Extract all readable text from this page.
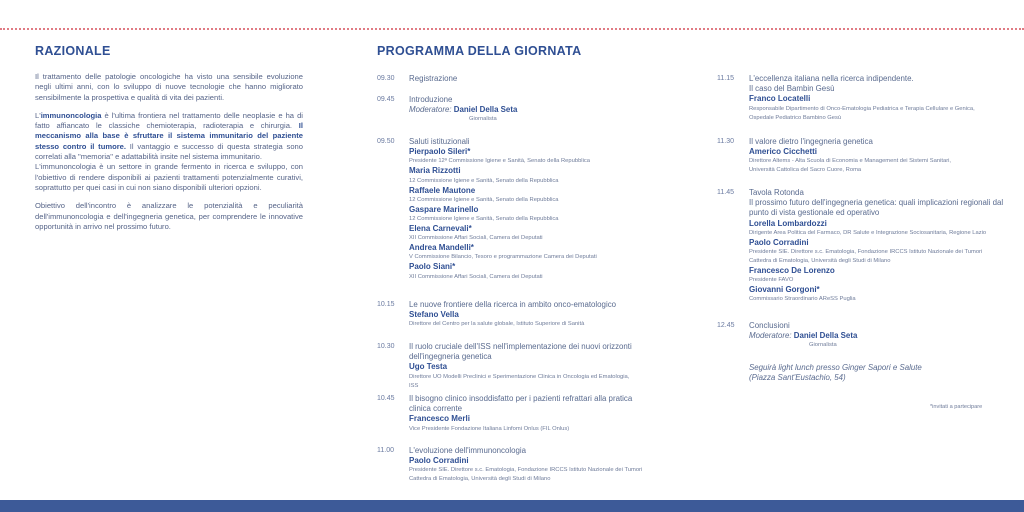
RAZIONALE	PROGRAMMA DELLA GIORNATA

Il trattamento delle patologie oncologiche ha visto una sensibile evoluzione negli ultimi anni, con lo sviluppo di nuove tecnologie che hanno migliorato sensibilmente la prospettiva e qualità di vita dei pazienti.

L'immunoncologia è l'ultima frontiera nel trattamento delle neoplasie e ha di fatto affiancato le classiche chemioterapia, radioterapia e chirurgia. Il meccanismo alla base è sfruttare il sistema immunitario del paziente stesso contro il tumore. Il vantaggio e successo di questa strategia sono correlati alla "memoria" e adattabilità insite nel sistema immunitario.

L'immunoncologia è un settore in grande fermento in ricerca e sviluppo, con l'obiettivo di rendere disponibili ai pazienti trattamenti potenzialmente curativi, soprattutto per quei casi in cui non siano disponibili ulteriori opzioni.

Obiettivo dell'incontro è analizzare le potenzialità e peculiarità dell'immunoncologia e dell'ingegneria genetica, per comprendere le innovative opportunità in arrivo nel prossimo futuro.

09.30 Registrazione
09.45 Introduzione
Moderatore: Daniel Della Seta
Giornalista
09.50 Saluti istituzionali
Pierpaolo Sileri*
Presidente 12ª Commissione Igiene e Sanità, Senato della Repubblica
Maria Rizzotti
12 Commissione Igiene e Sanità, Senato della Repubblica
Raffaele Mautone
12 Commissione Igiene e Sanità, Senato della Repubblica
Gaspare Marinello
12 Commissione Igiene e Sanità, Senato della Repubblica
Elena Carnevali*
XII Commissione Affari Sociali, Camera dei Deputati
Andrea Mandelli*
V Commissione Bilancio, Tesoro e programmazione Camera dei Deputati
Paolo Siani*
XII Commissione Affari Sociali, Camera dei Deputati
10.15 Le nuove frontiere della ricerca in ambito onco-ematologico
Stefano Vella
Direttore del Centro per la salute globale, Istituto Superiore di Sanità
10.30 Il ruolo cruciale dell'ISS nell'implementazione dei nuovi orizzonti dell'ingegneria genetica
Ugo Testa
Direttore UO Modelli Preclinici e Sperimentazione Clinica in Oncologia ed Ematologia, ISS
10.45 Il bisogno clinico insoddisfatto per i pazienti refrattari alla pratica clinica corrente
Francesco Merli
Vice Presidente Fondazione Italiana Linfomi Onlus (FIL Onlus)
11.00 L'evoluzione dell'immunoncologia
Paolo Corradini
Presidente SIE. Direttore s.c. Ematologia, Fondazione IRCCS Istituto Nazionale dei Tumori
Cattedra di Ematologia, Università degli Studi di Milano
11.15 L'eccellenza italiana nella ricerca indipendente.
Il caso del Bambin Gesù
Franco Locatelli
Responsabile Dipartimento di Onco-Ematologia Pediatrica e Terapia Cellulare e Genica,
Ospedale Pediatrico Bambino Gesù
11.30 Il valore dietro l'ingegneria genetica
Americo Cicchetti
Direttore Altems - Alta Scuola di Economia e Management dei Sistemi Sanitari,
Università Cattolica del Sacro Cuore, Roma
11.45 Tavola Rotonda
Il prossimo futuro dell'ingegneria genetica: quali implicazioni regionali dal punto di vista gestionale ed operativo
Lorella Lombardozzi
Dirigente Area Politica del Farmaco, DR Salute e Integrazione Sociosanitaria, Regione Lazio
Paolo Corradini
Presidente SIE. Direttore s.c. Ematologia, Fondazione IRCCS Istituto Nazionale dei Tumori
Cattedra di Ematologia, Università degli Studi di Milano
Francesco De Lorenzo
Presidente FAVO
Giovanni Gorgoni*
Commissario Straordinario AReSS Puglia
12.45 Conclusioni
Moderatore: Daniel Della Seta
Giornalista
Seguirà light lunch presso Ginger Sapori e Salute
(Piazza Sant'Eustachio, 54)
*invitati a partecipare
